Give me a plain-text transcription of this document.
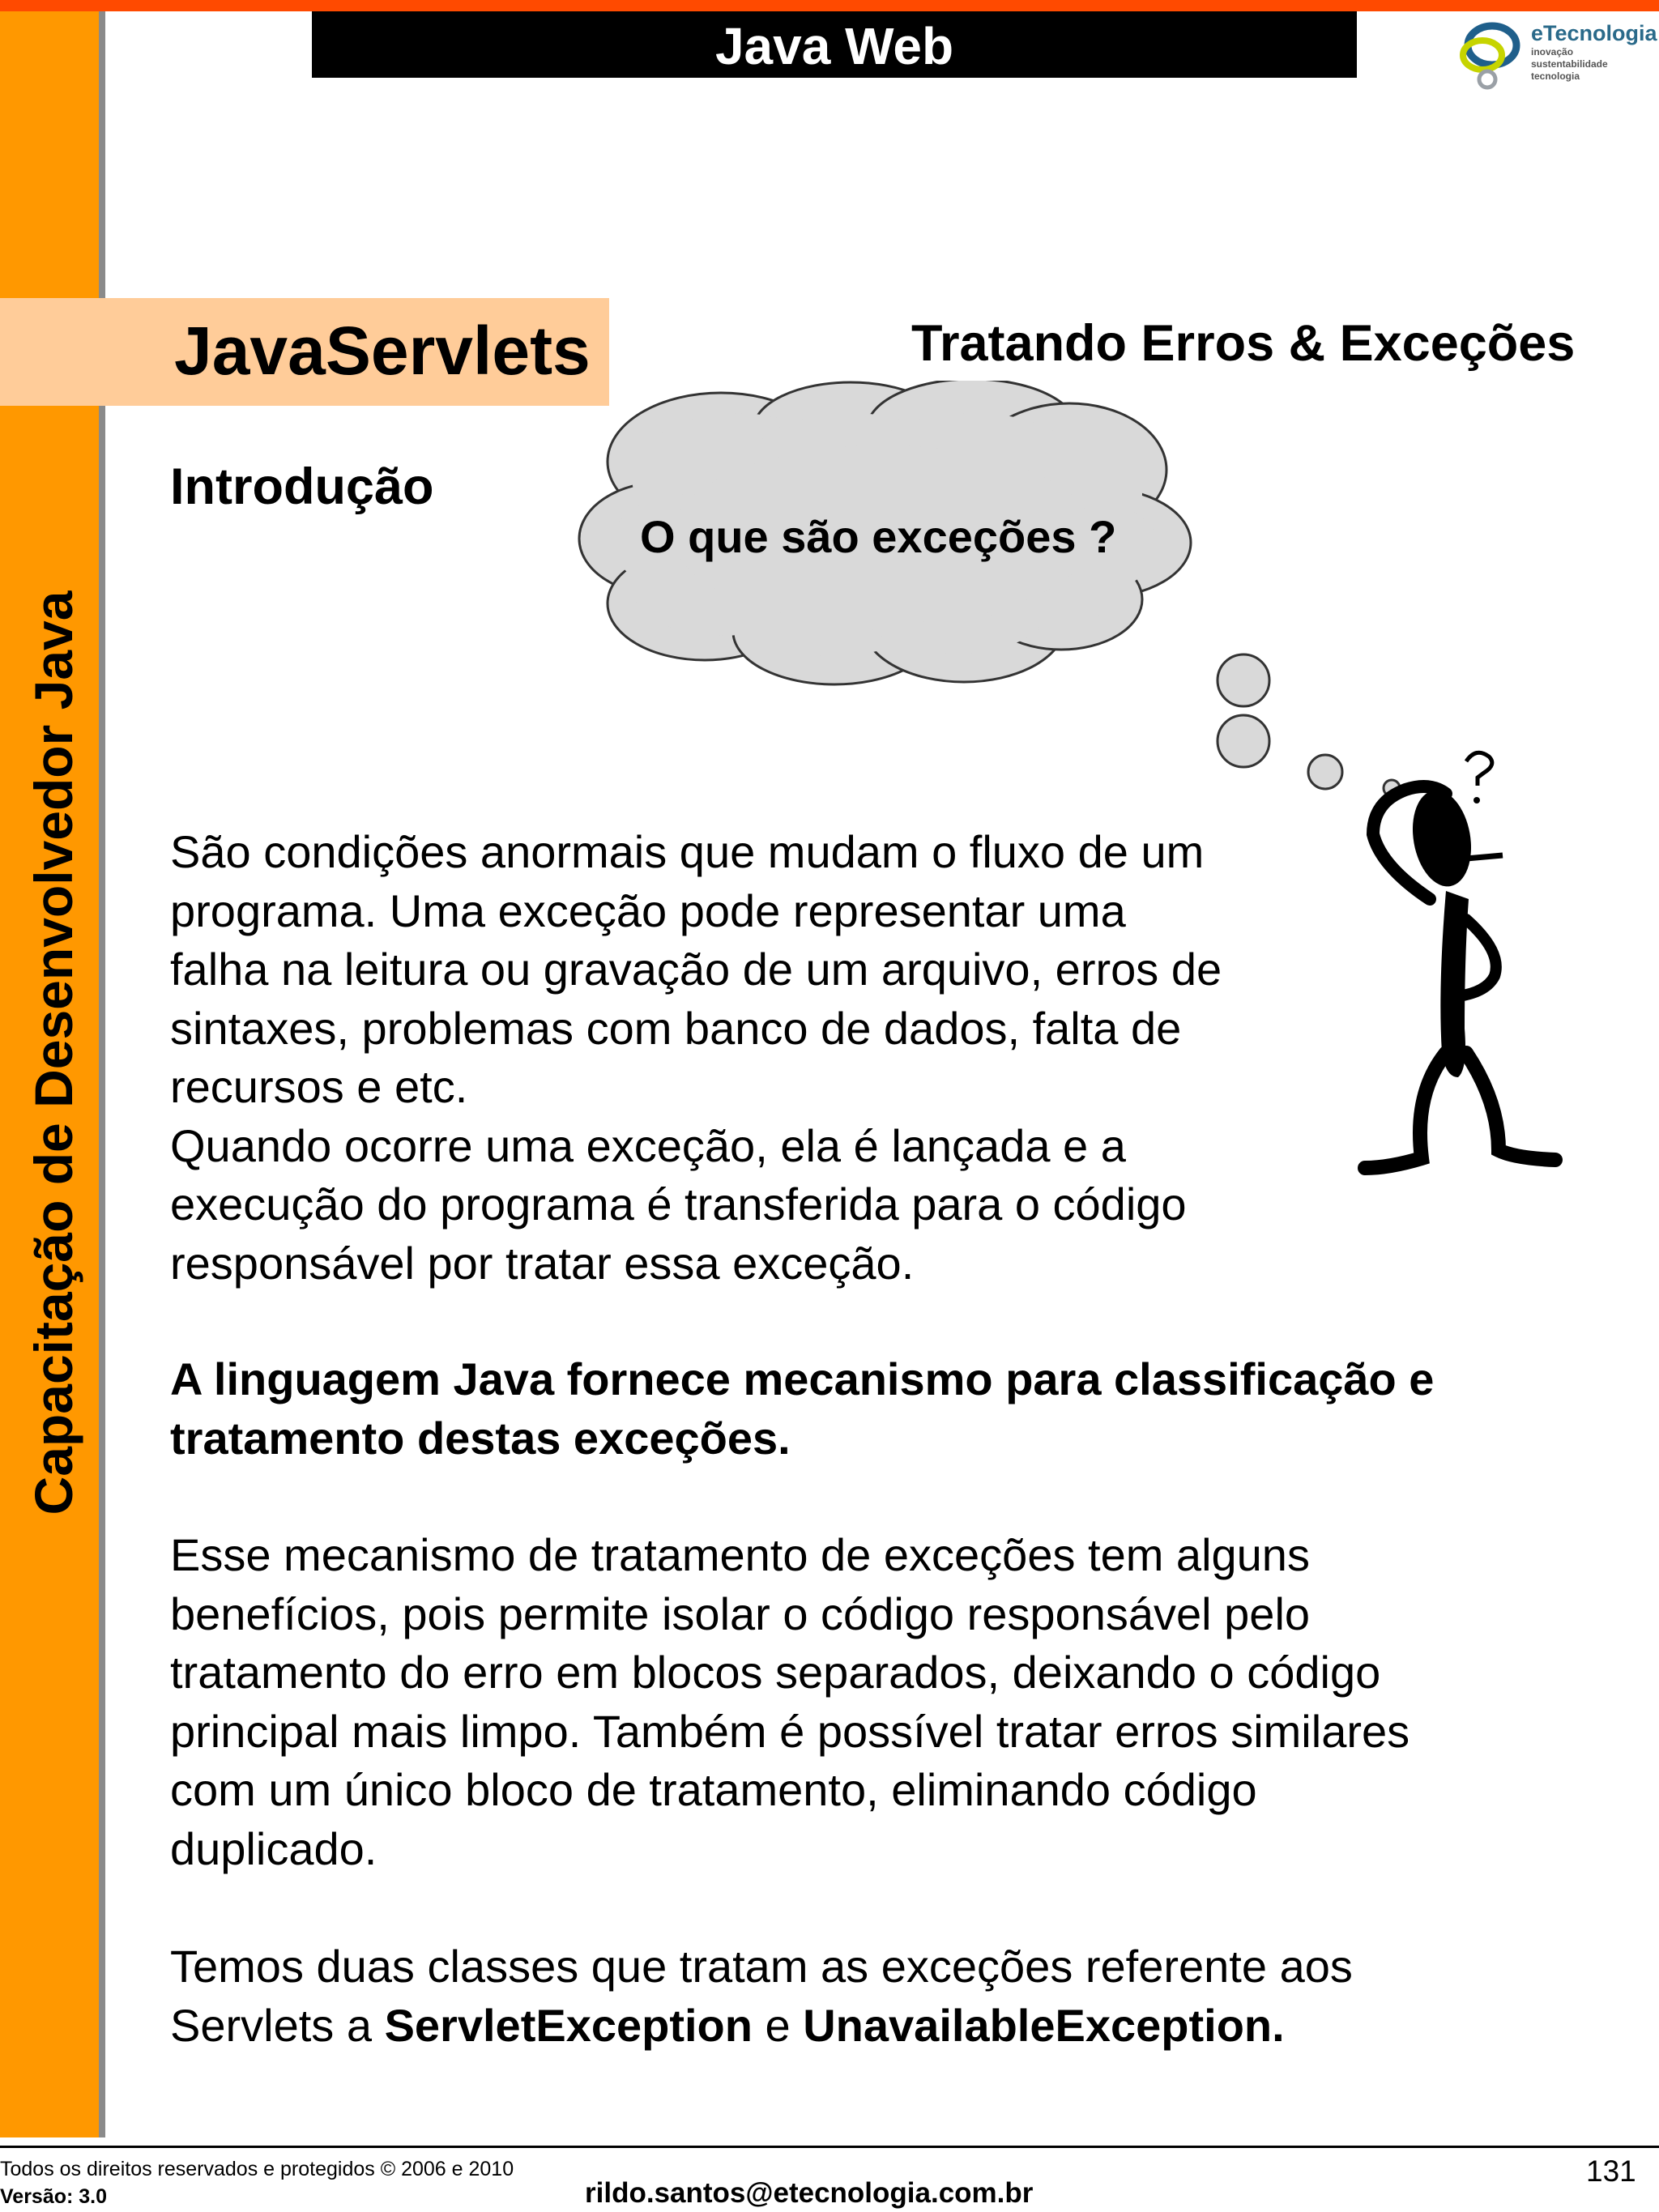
Capacitação de Desenvolvedor Java
Java Web	eTecnologia
inovação
sustentabilidade
tecnologia
JavaServlets	Tratando Erros & Exceções
Introdução
O que são exceções ?
São condições anormais que mudam o fluxo de um
programa. Uma exceção pode representar uma
falha na leitura ou gravação de um arquivo, erros de
sintaxes, problemas com banco de dados, falta de
recursos e etc.
Quando ocorre uma exceção, ela é lançada e a
execução do programa é transferida para o código
responsável por tratar essa exceção.
A linguagem Java fornece mecanismo para classificação e
tratamento destas exceções.
Esse mecanismo de tratamento de exceções tem alguns
benefícios, pois permite isolar o código responsável pelo
tratamento do erro em blocos separados, deixando o código
principal mais limpo. Também é possível tratar erros similares
com um único bloco de tratamento, eliminando código
duplicado.
Temos duas classes que tratam as exceções referente aos
Servlets a ServletException e UnavailableException.
Todos os direitos reservados e protegidos © 2006 e 2010
Versão: 3.0	rildo.santos@etecnologia.com.br
131
